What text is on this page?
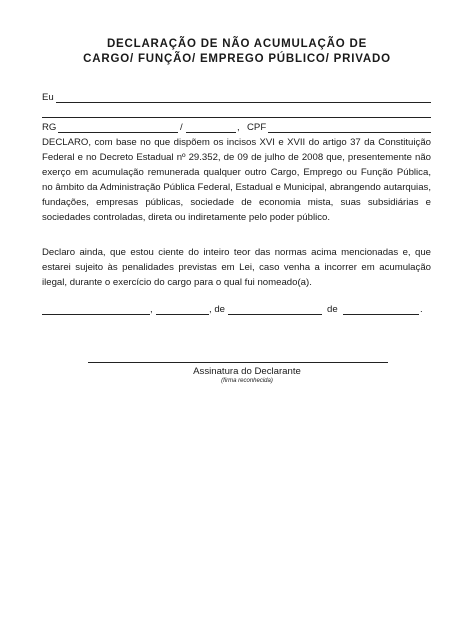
DECLARAÇÃO DE NÃO ACUMULAÇÃO DE
CARGO/ FUNÇÃO/ EMPREGO PÚBLICO/ PRIVADO
Eu
RG	/	, CPF
DECLARO, com base no que dispõem os incisos XVI e XVII do artigo 37 da Constituição Federal e no Decreto Estadual nº 29.352, de 09 de julho de 2008 que, presentemente não exerço em acumulação remunerada qualquer outro Cargo, Emprego ou Função Pública, no âmbito da Administração Pública Federal, Estadual e Municipal, abrangendo autarquias, fundações, empresas públicas, sociedade de economia mista, suas subsidiárias e sociedades controladas, direta ou indiretamente pelo poder público.
Declaro ainda, que estou ciente do inteiro teor das normas acima mencionadas e, que estarei sujeito às penalidades previstas em Lei, caso venha a incorrer em acumulação ilegal, durante o exercício do cargo para o qual fui nomeado(a).
,	, de	de	.
Assinatura do Declarante
(firma reconhecida)
